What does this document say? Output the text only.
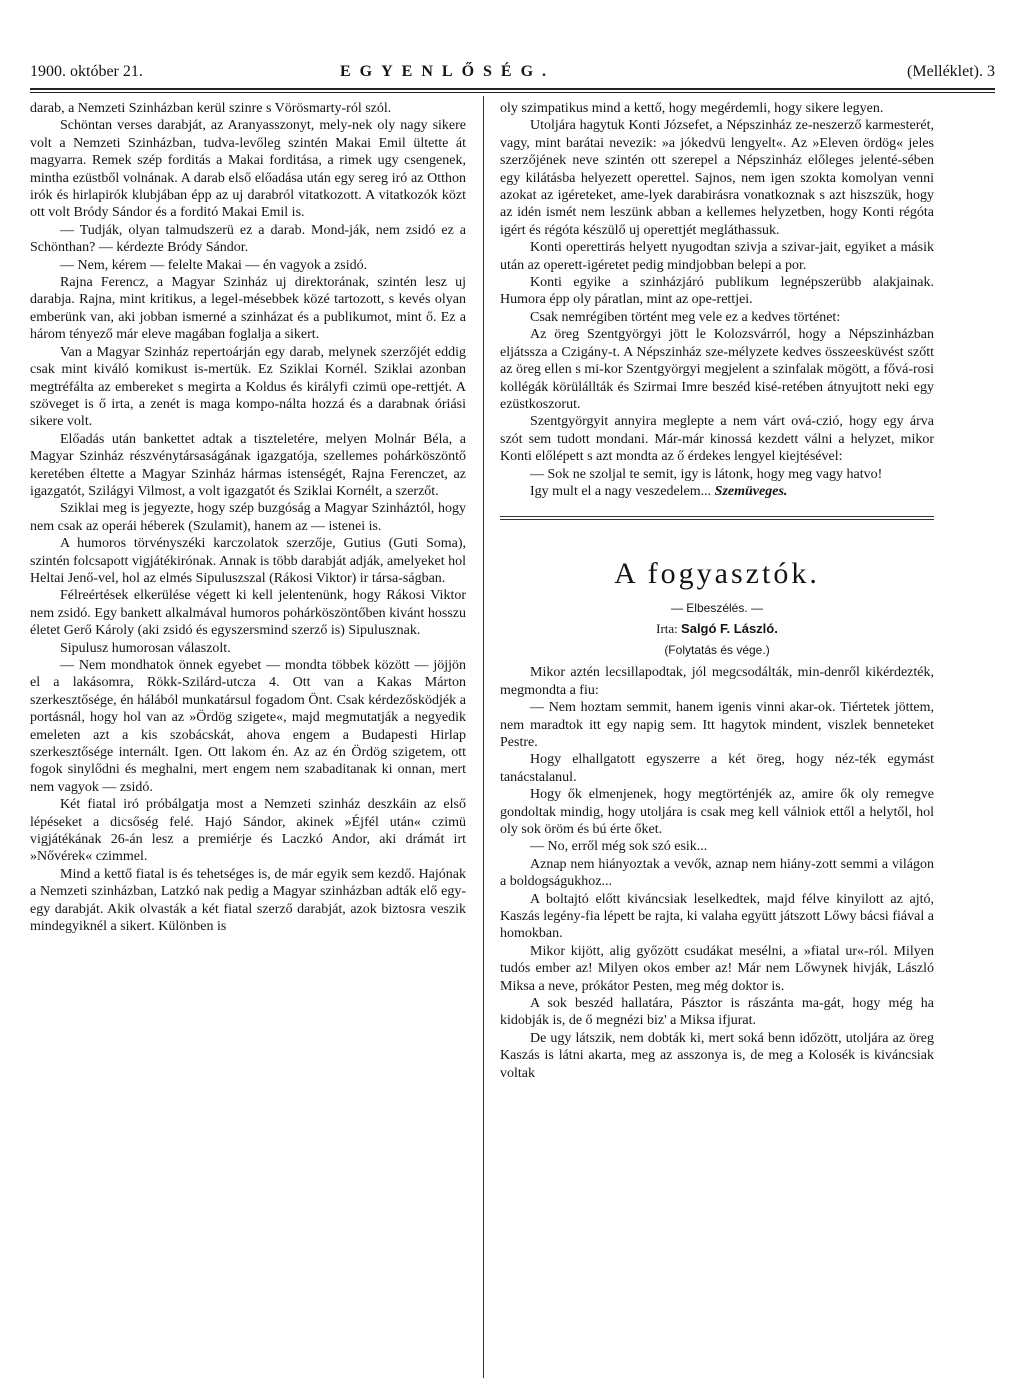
1900. október 21.	EGYENLŐSÉG.	(Melléklet). 3

darab, a Nemzeti Szinházban kerül szinre s Vörösmarty-ról szól.

Schöntan verses darabját, az Aranyasszonyt, mely-nek oly nagy sikere volt a Nemzeti Szinházban, tudva-levőleg szintén Makai Emil ültette át magyarra. Remek szép forditás a Makai forditása, a rimek ugy csengenek, mintha ezüstből volnának. A darab első előadása után egy sereg iró az Otthon irók és hirlapirók klubjában épp az uj darabról vitatkozott. A vitatkozók közt ott volt Bródy Sándor és a forditó Makai Emil is.

— Tudják, olyan talmudszerü ez a darab. Mond-ják, nem zsidó ez a Schönthan? — kérdezte Bródy Sándor.

— Nem, kérem — felelte Makai — én vagyok a zsidó.

Rajna Ferencz, a Magyar Szinház uj direktorának, szintén lesz uj darabja. Rajna, mint kritikus, a legel-mésebbek közé tartozott, s kevés olyan emberünk van, aki jobban ismerné a szinházat és a publikumot, mint ő. Ez a három tényező már eleve magában foglalja a sikert.

Van a Magyar Szinház repertoárján egy darab, melynek szerzőjét eddig csak mint kiváló komikust is-mertük. Ez Sziklai Kornél. Sziklai azonban megtréfálta az embereket s megirta a Koldus és királyfi czimü ope-rettjét. A szöveget is ő irta, a zenét is maga kompo-nálta hozzá és a darabnak óriási sikere volt.

Előadás után bankettet adtak a tiszteletére, melyen Molnár Béla, a Magyar Szinház részvénytársaságának igazgatója, szellemes pohárköszöntő keretében éltette a Magyar Szinház hármas istenségét, Rajna Ferenczet, az igazgatót, Szilágyi Vilmost, a volt igazgatót és Sziklai Kornélt, a szerzőt.

Sziklai meg is jegyezte, hogy szép buzgóság a Magyar Szinháztól, hogy nem csak az operái héberek (Szulamit), hanem az — istenei is.

A humoros törvényszéki karczolatok szerzője, Gutius (Guti Soma), szintén folcsapott vigjátékirónak. Annak is több darabját adják, amelyeket hol Heltai Jenő-vel, hol az elmés Sipuluszszal (Rákosi Viktor) ir társa-ságban.

Félreértések elkerülése végett ki kell jelentenünk, hogy Rákosi Viktor nem zsidó. Egy bankett alkalmával humoros pohárköszöntőben kivánt hosszu életet Gerő Károly (aki zsidó és egyszersmind szerző is) Sipulusznak.

Sipulusz humorosan válaszolt.

— Nem mondhatok önnek egyebet — mondta többek között — jöjjön el a lakásomra, Rökk-Szilárd-utcza 4. Ott van a Kakas Márton szerkesztősége, én hálából munkatársul fogadom Önt. Csak kérdezősködjék a portásnál, hogy hol van az »Ördög szigete«, majd megmutatják a negyedik emeleten azt a kis szobácskát, ahova engem a Budapesti Hirlap szerkesztősége internált. Igen. Ott lakom én. Az az én Ördög szigetem, ott fogok sinylődni és meghalni, mert engem nem szabaditanak ki onnan, mert nem vagyok — zsidó.

Két fiatal iró próbálgatja most a Nemzeti szinház deszkáin az első lépéseket a dicsőség felé. Hajó Sándor, akinek »Éjfél után« czimü vigjátékának 26-án lesz a premiérje és Laczkó Andor, aki drámát irt »Nővérek« czimmel.

Mind a kettő fiatal is és tehetséges is, de már egyik sem kezdő. Hajónak a Nemzeti szinházban, Latzkó nak pedig a Magyar szinházban adták elő egy-egy darabját. Akik olvasták a két fiatal szerző darabját, azok biztosra veszik mindegyiknél a sikert. Különben is

oly szimpatikus mind a kettő, hogy megérdemli, hogy sikere legyen.

Utoljára hagytuk Konti Józsefet, a Népszinház ze-neszerző karmesterét, vagy, mint barátai nevezik: »a jókedvü lengyelt«. Az »Eleven ördög« jeles szerzőjének neve szintén ott szerepel a Népszinház előleges jelenté-sében egy kilátásba helyezett operettel. Sajnos, nem igen szokta komolyan venni azokat az igéreteket, ame-lyek darabirásra vonatkoznak s azt hiszszük, hogy az idén ismét nem leszünk abban a kellemes helyzetben, hogy Konti régóta igért és régóta készülő uj operettjét megláthassuk.

Konti operettirás helyett nyugodtan szivja a szivar-jait, egyiket a másik után az operett-igéretet pedig mindjobban belepi a por.

Konti egyike a szinházjáró publikum legnépszerübb alakjainak. Humora épp oly páratlan, mint az ope-rettjei.

Csak nemrégiben történt meg vele ez a kedves történet:

Az öreg Szentgyörgyi jött le Kolozsvárról, hogy a Népszinházban eljátssza a Czigány-t. A Népszinház sze-mélyzete kedves összeesküvést szőtt az öreg ellen s mi-kor Szentgyörgyi megjelent a szinfalak mögött, a fővá-rosi kollégák körülállták és Szirmai Imre beszéd kisé-retében átnyujtott neki egy ezüstkoszorut.

Szentgyörgyit annyira meglepte a nem várt ová-czió, hogy egy árva szót sem tudott mondani. Már-már kinossá kezdett válni a helyzet, mikor Konti előlépett s azt mondta az ő érdekes lengyel kiejtésével:

— Sok ne szoljal te semit, igy is látonk, hogy meg vagy hatvo!

Igy mult el a nagy veszedelem... Szemüveges.

A fogyasztók.
— Elbeszélés. —
Irta: Salgó F. László.
(Folytatás és vége.)

Mikor aztén lecsillapodtak, jól megcsodálták, min-denről kikérdezték, megmondta a fiu:

— Nem hoztam semmit, hanem igenis vinni akar-ok. Tiértetek jöttem, nem maradtok itt egy napig sem. Itt hagytok mindent, viszlek benneteket Pestre.

Hogy elhallgatott egyszerre a két öreg, hogy néz-ték egymást tanácstalanul.

Hogy ők elmenjenek, hogy megtörténjék az, amire ők oly remegve gondoltak mindig, hogy utoljára is csak meg kell válniok ettől a helytől, hol oly sok öröm és bú érte őket.

— No, erről még sok szó esik...

Aznap nem hiányoztak a vevők, aznap nem hiány-zott semmi a világon a boldogságukhoz...

A boltajtó előtt kiváncsiak leselkedtek, majd félve kinyilott az ajtó, Kaszás legény-fia lépett be rajta, ki valaha együtt játszott Lőwy bácsi fiával a homokban.

Mikor kijött, alig győzött csudákat mesélni, a »fiatal ur«-ról. Milyen tudós ember az! Milyen okos ember az! Már nem Lőwynek hivják, László Miksa a neve, prókátor Pesten, meg még doktor is.

A sok beszéd hallatára, Pásztor is rászánta ma-gát, hogy még ha kidobják is, de ő megnézi biz' a Miksa ifjurat.

De ugy látszik, nem dobták ki, mert soká benn időzött, utoljára az öreg Kaszás is látni akarta, meg az asszonya is, de meg a Kolosék is kiváncsiak voltak
